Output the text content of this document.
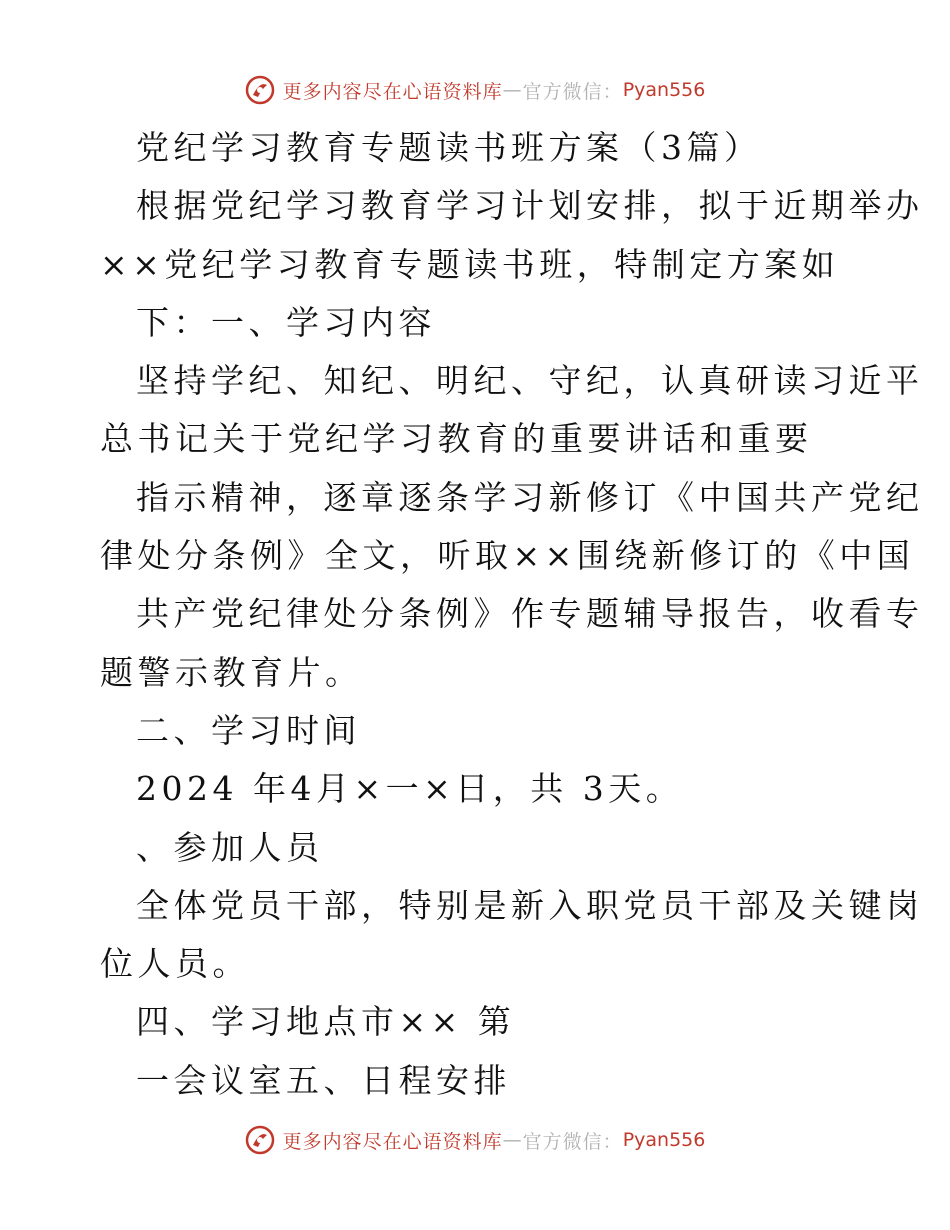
更多内容尽在心语资料库 — 官方微信： Pyan556
党纪学习教育专题读书班方案（3篇）
根据党纪学习教育学习计划安排，拟于近期举办
××党纪学习教育专题读书班，特制定方案如
下：一、学习内容
坚持学纪、知纪、明纪、守纪，认真研读习近平
总书记关于党纪学习教育的重要讲话和重要
指示精神，逐章逐条学习新修订《中国共产党纪
律处分条例》全文，听取××围绕新修订的《中国
共产党纪律处分条例》作专题辅导报告，收看专
题警示教育片。
二、学习时间
2024 年4月×一×日，共 3天。
、参加人员
全体党员干部，特别是新入职党员干部及关键岗
位人员。
四、学习地点市×× 第
一会议室五、日程安排
更多内容尽在心语资料库 — 官方微信： Pyan556
